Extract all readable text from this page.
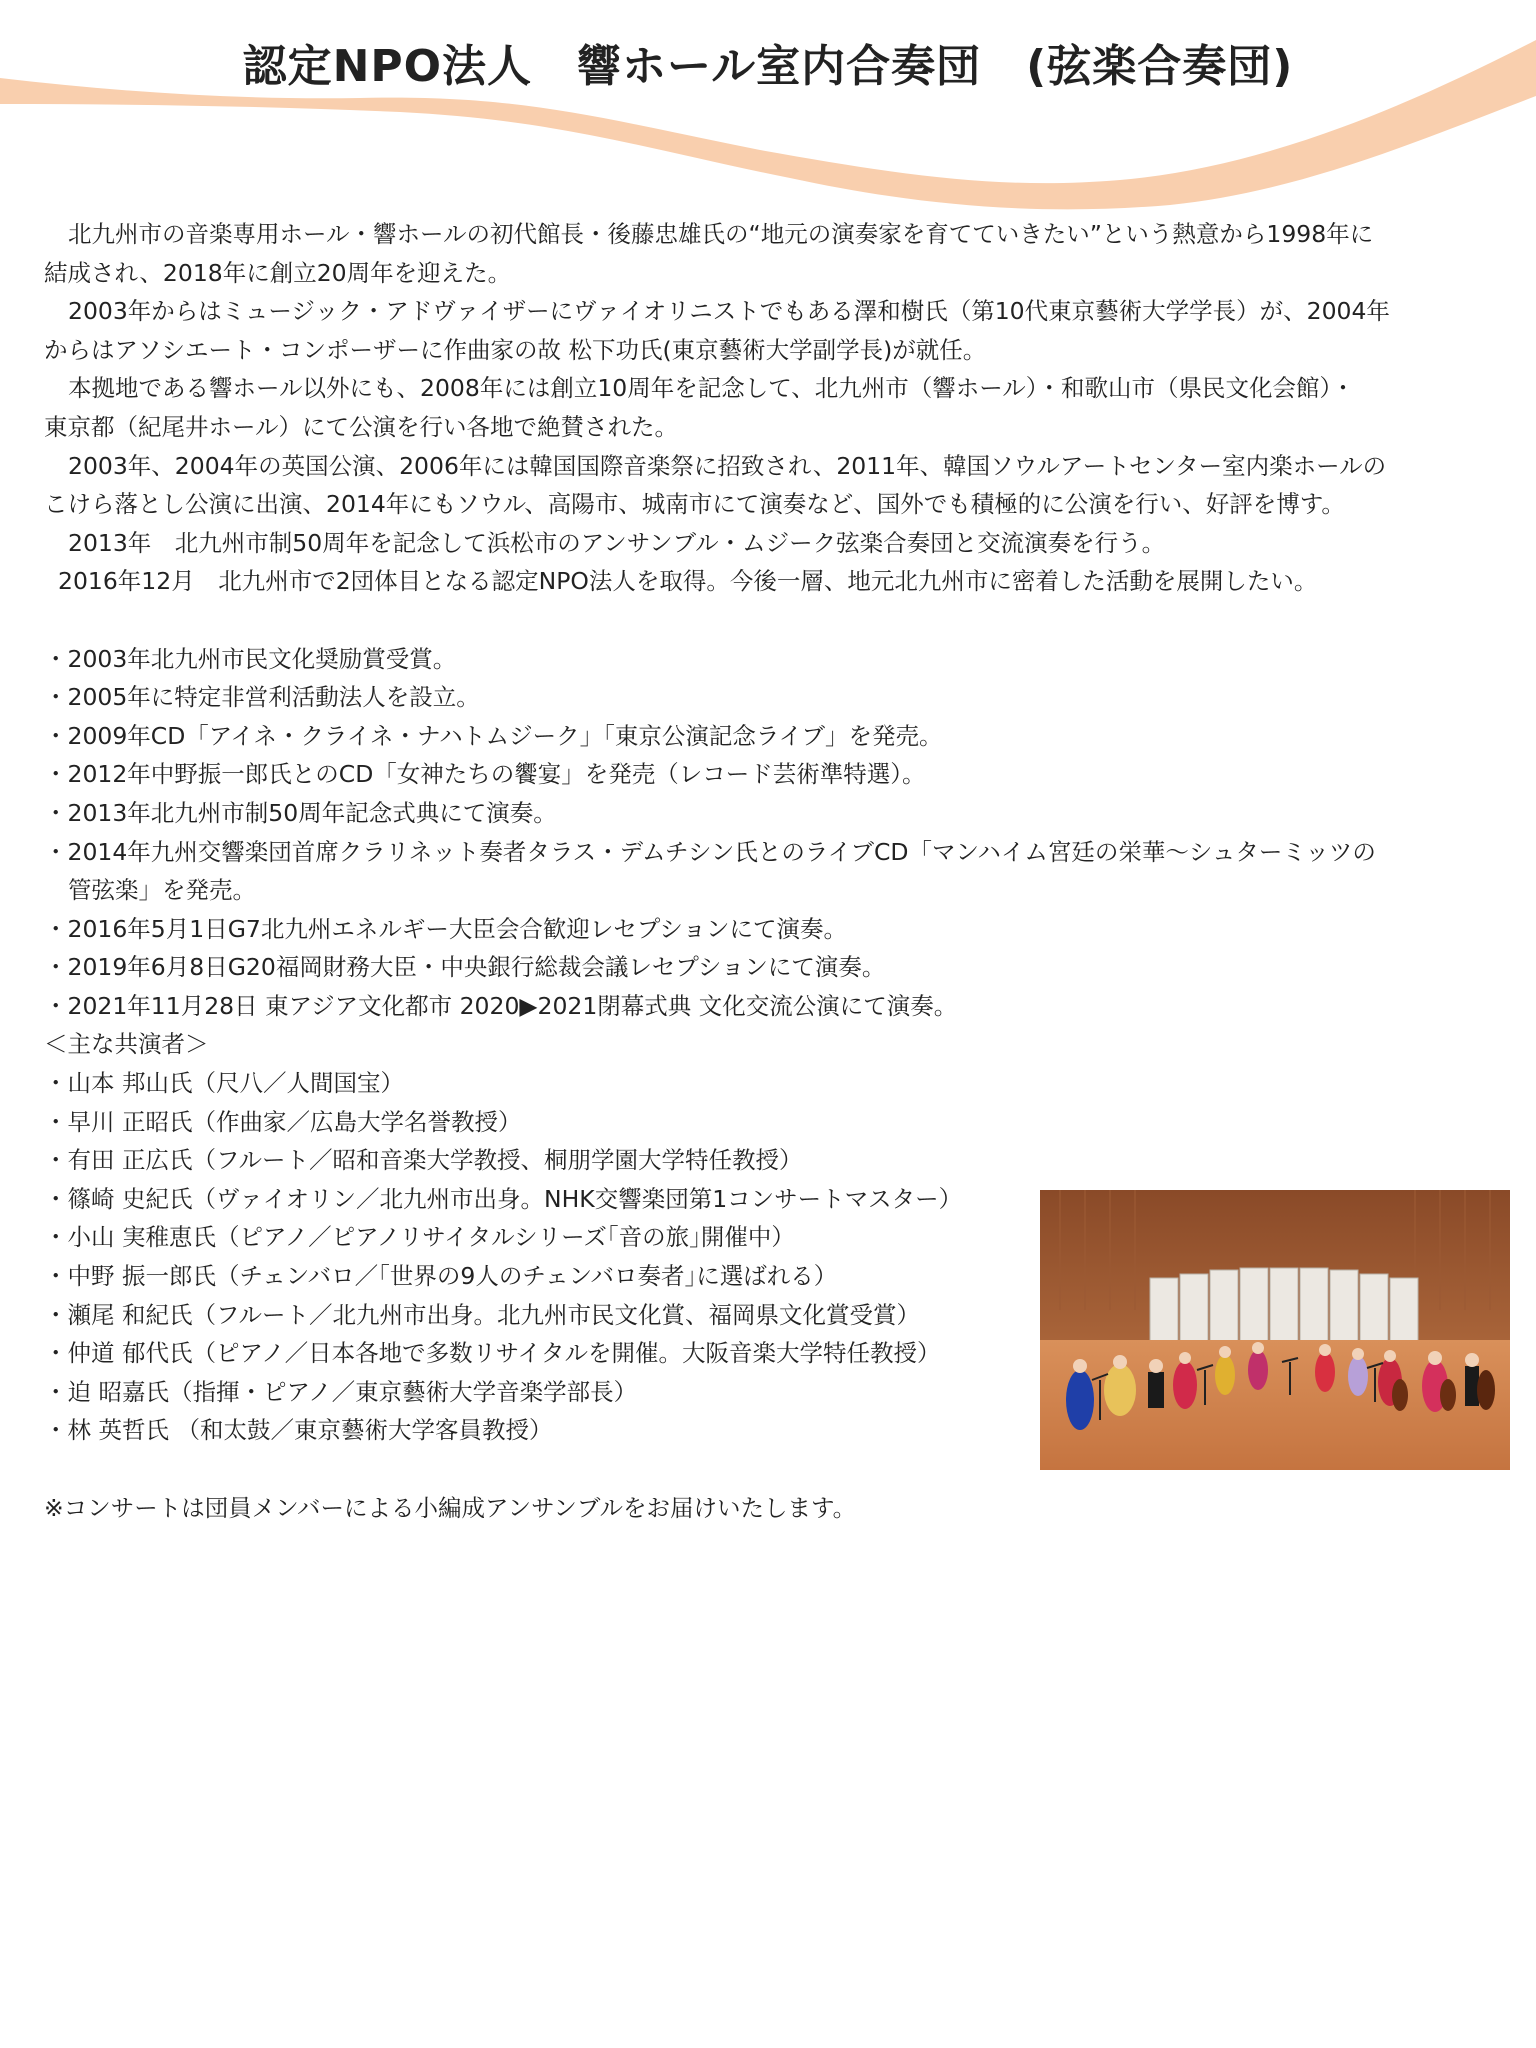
認定NPO法人　響ホール室内合奏団　(弦楽合奏団)

北九州市の音楽専用ホール・響ホールの初代館長・後藤忠雄氏の“地元の演奏家を育てていきたい”という熱意から1998年に

結成され、2018年に創立20周年を迎えた。

2003年からはミュージック・アドヴァイザーにヴァイオリニストでもある澤和樹氏（第10代東京藝術大学学長）が、2004年

からはアソシエート・コンポーザーに作曲家の故 松下功氏(東京藝術大学副学長)が就任。

本拠地である響ホール以外にも、2008年には創立10周年を記念して、北九州市（響ホール）・和歌山市（県民文化会館）・

東京都（紀尾井ホール）にて公演を行い各地で絶賛された。

2003年、2004年の英国公演、2006年には韓国国際音楽祭に招致され、2011年、韓国ソウルアートセンター室内楽ホールの

こけら落とし公演に出演、2014年にもソウル、高陽市、城南市にて演奏など、国外でも積極的に公演を行い、好評を博す。

2013年　北九州市制50周年を記念して浜松市のアンサンブル・ムジーク弦楽合奏団と交流演奏を行う。

2016年12月　北九州市で2団体目となる認定NPO法人を取得。今後一層、地元北九州市に密着した活動を展開したい。

・2003年北九州市民文化奨励賞受賞。

・2005年に特定非営利活動法人を設立。

・2009年CD「アイネ・クライネ・ナハトムジーク」「東京公演記念ライブ」を発売。

・2012年中野振一郎氏とのCD「女神たちの饗宴」を発売（レコード芸術準特選）。

・2013年北九州市制50周年記念式典にて演奏。

・2014年九州交響楽団首席クラリネット奏者タラス・デムチシン氏とのライブCD「マンハイム宮廷の栄華〜シュターミッツの

管弦楽」を発売。

・2016年5月1日G7北九州エネルギー大臣会合歓迎レセプションにて演奏。

・2019年6月8日G20福岡財務大臣・中央銀行総裁会議レセプションにて演奏。

・2021年11月28日 東アジア文化都市 2020▶2021閉幕式典 文化交流公演にて演奏。

＜主な共演者＞

・山本 邦山氏（尺八／人間国宝）

・早川 正昭氏（作曲家／広島大学名誉教授）

・有田 正広氏（フルート／昭和音楽大学教授、桐朋学園大学特任教授）

・篠崎 史紀氏（ヴァイオリン／北九州市出身。NHK交響楽団第1コンサートマスター）

・小山 実稚恵氏（ピアノ／ピアノリサイタルシリーズ｢音の旅｣開催中）

・中野 振一郎氏（チェンバロ／｢世界の9人のチェンバロ奏者｣に選ばれる）

・瀬尾 和紀氏（フルート／北九州市出身。北九州市民文化賞、福岡県文化賞受賞）

・仲道 郁代氏（ピアノ／日本各地で多数リサイタルを開催。大阪音楽大学特任教授）

・迫 昭嘉氏（指揮・ピアノ／東京藝術大学音楽学部長）

・林 英哲氏 （和太鼓／東京藝術大学客員教授）

※コンサートは団員メンバーによる小編成アンサンブルをお届けいたします。
